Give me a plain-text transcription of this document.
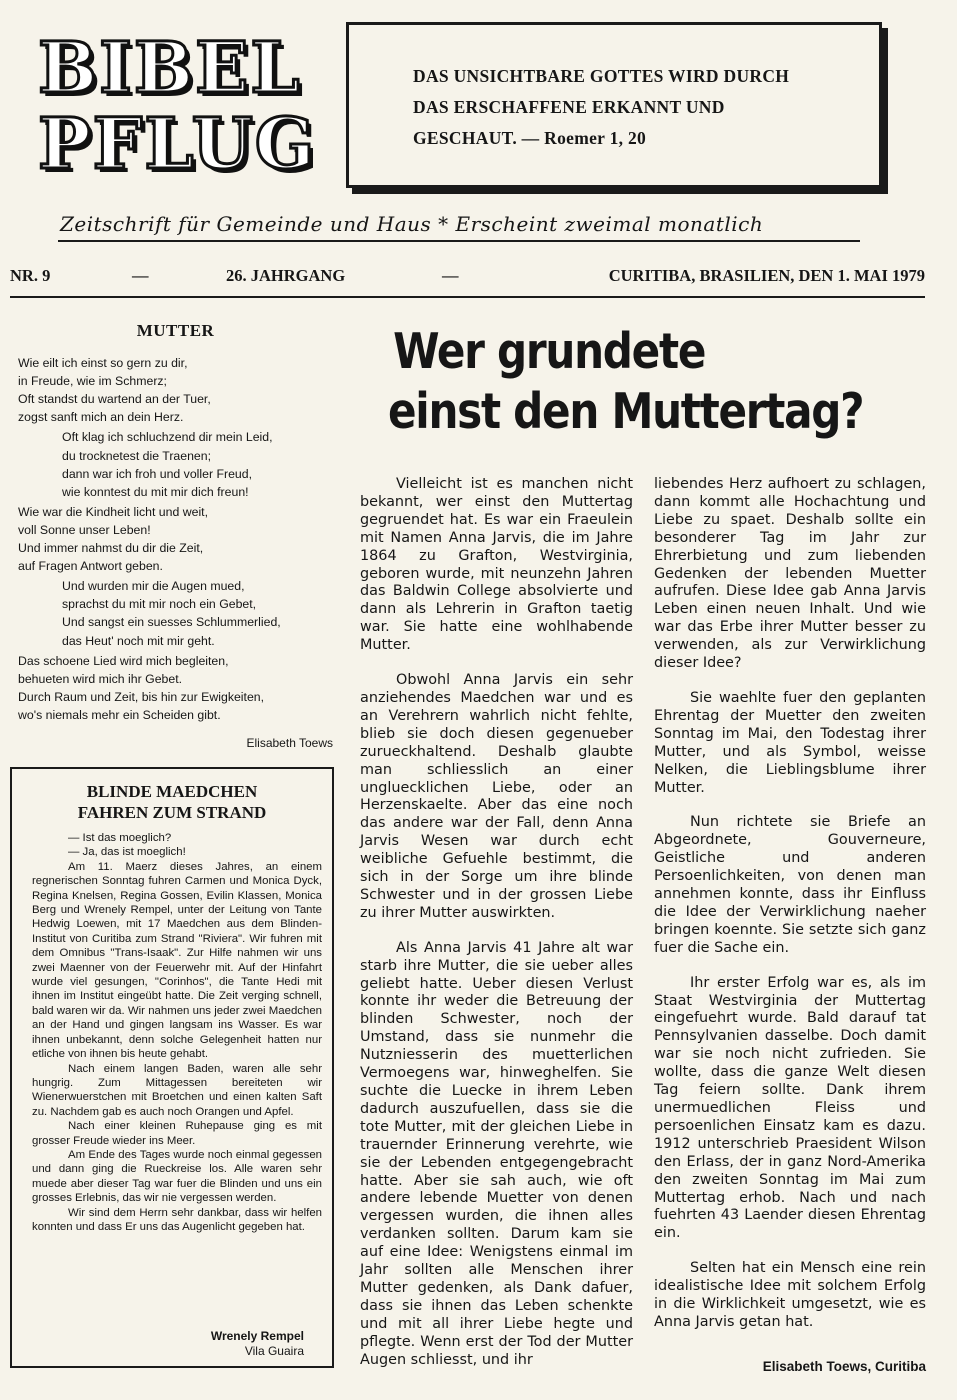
BIBEL
PFLUG
DAS UNSICHTBARE GOTTES WIRD DURCH
DAS ERSCHAFFENE ERKANNT UND
GESCHAUT. — Roemer 1, 20
Zeitschrift für Gemeinde und Haus * Erscheint zweimal monatlich
NR. 9	—	26. JAHRGANG	—	CURITIBA, BRASILIEN, DEN 1. MAI 1979
MUTTER
Wie eilt ich einst so gern zu dir,
in Freude, wie im Schmerz;
Oft standst du wartend an der Tuer,
zogst sanft mich an dein Herz.
Oft klag ich schluchzend dir mein Leid,
du trocknetest die Traenen;
dann war ich froh und voller Freud,
wie konntest du mit mir dich freun!
Wie war die Kindheit licht und weit,
voll Sonne unser Leben!
Und immer nahmst du dir die Zeit,
auf Fragen Antwort geben.
Und wurden mir die Augen mued,
sprachst du mit mir noch ein Gebet,
Und sangst ein suesses Schlummerlied,
das Heut' noch mit mir geht.
Das schoene Lied wird mich begleiten,
behueten wird mich ihr Gebet.
Durch Raum und Zeit, bis hin zur Ewigkeiten,
wo's niemals mehr ein Scheiden gibt.
Elisabeth Toews
BLINDE MAEDCHEN
FAHREN ZUM STRAND

— Ist das moeglich?

— Ja, das ist moeglich!

Am 11. Maerz dieses Jahres, an einem regnerischen Sonntag fuhren Carmen und Monica Dyck, Regina Knelsen, Regina Gossen, Evilin Klassen, Monica Berg und Wrenely Rempel, unter der Leitung von Tante Hedwig Loewen, mit 17 Maedchen aus dem Blinden-Institut von Curitiba zum Strand "Riviera". Wir fuhren mit dem Omnibus "Trans-Isaak". Zur Hilfe nahmen wir uns zwei Maenner von der Feuerwehr mit. Auf der Hinfahrt wurde viel gesungen, "Corinhos", die Tante Hedi mit ihnen im Institut eingeübt hatte. Die Zeit verging schnell, bald waren wir da. Wir nahmen uns jeder zwei Maedchen an der Hand und gingen langsam ins Wasser. Es war ihnen unbekannt, denn solche Gelegenheit hatten nur etliche von ihnen bis heute gehabt.

Nach einem langen Baden, waren alle sehr hungrig. Zum Mittagessen bereiteten wir Wienerwuerstchen mit Broetchen und einen kalten Saft zu. Nachdem gab es auch noch Orangen und Apfel.

Nach einer kleinen Ruhepause ging es mit grosser Freude wieder ins Meer.

Am Ende des Tages wurde noch einmal gegessen und dann ging die Rueckreise los. Alle waren sehr muede aber dieser Tag war fuer die Blinden und uns ein grosses Erlebnis, das wir nie vergessen werden.

Wir sind dem Herrn sehr dankbar, dass wir helfen konnten und dass Er uns das Augenlicht gegeben hat.

Wrenely Rempel
Vila Guaira
Wer grundete
einst den Muttertag?

Vielleicht ist es manchen nicht bekannt, wer einst den Muttertag gegruendet hat. Es war ein Fraeulein mit Namen Anna Jarvis, die im Jahre 1864 zu Grafton, Westvirginia, geboren wurde, mit neunzehn Jahren das Baldwin College absolvierte und dann als Lehrerin in Grafton taetig war. Sie hatte eine wohlhabende Mutter.

Obwohl Anna Jarvis ein sehr anziehendes Maedchen war und es an Verehrern wahrlich nicht fehlte, blieb sie doch diesen gegenueber zurueckhaltend. Deshalb glaubte man schliesslich an einer ungluecklichen Liebe, oder an Herzenskaelte. Aber das eine noch das andere war der Fall, denn Anna Jarvis Wesen war durch echt weibliche Gefuehle bestimmt, die sich in der Sorge um ihre blinde Schwester und in der grossen Liebe zu ihrer Mutter auswirkten.

Als Anna Jarvis 41 Jahre alt war starb ihre Mutter, die sie ueber alles geliebt hatte. Ueber diesen Verlust konnte ihr weder die Betreuung der blinden Schwester, noch der Umstand, dass sie nunmehr die Nutzniesserin des muetterlichen Vermoegens war, hinweghelfen. Sie suchte die Luecke in ihrem Leben dadurch auszufuellen, dass sie die tote Mutter, mit der gleichen Liebe in trauernder Erinnerung verehrte, wie sie der Lebenden entgegengebracht hatte. Aber sie sah auch, wie oft andere lebende Muetter von denen vergessen wurden, die ihnen alles verdanken sollten. Darum kam sie auf eine Idee: Wenigstens einmal im Jahr sollten alle Menschen ihrer Mutter gedenken, als Dank dafuer, dass sie ihnen das Leben schenkte und mit all ihrer Liebe hegte und pflegte. Wenn erst der Tod der Mutter Augen schliesst, und ihr

liebendes Herz aufhoert zu schlagen, dann kommt alle Hochachtung und Liebe zu spaet. Deshalb sollte ein besonderer Tag im Jahr zur Ehrerbietung und zum liebenden Gedenken der lebenden Muetter aufrufen. Diese Idee gab Anna Jarvis Leben einen neuen Inhalt. Und wie war das Erbe ihrer Mutter besser zu verwenden, als zur Verwirklichung dieser Idee?

Sie waehlte fuer den geplanten Ehrentag der Muetter den zweiten Sonntag im Mai, den Todestag ihrer Mutter, und als Symbol, weisse Nelken, die Lieblingsblume ihrer Mutter.

Nun richtete sie Briefe an Abgeordnete, Gouverneure, Geistliche und anderen Persoenlichkeiten, von denen man annehmen konnte, dass ihr Einfluss die Idee der Verwirklichung naeher bringen koennte. Sie setzte sich ganz fuer die Sache ein.

Ihr erster Erfolg war es, als im Staat Westvirginia der Muttertag eingefuehrt wurde. Bald darauf tat Pennsylvanien dasselbe. Doch damit war sie noch nicht zufrieden. Sie wollte, dass die ganze Welt diesen Tag feiern sollte. Dank ihrem unermuedlichen Fleiss und persoenlichen Einsatz kam es dazu. 1912 unterschrieb Praesident Wilson den Erlass, der in ganz Nord-Amerika den zweiten Sonntag im Mai zum Muttertag erhob. Nach und nach fuehrten 43 Laender diesen Ehrentag ein.

Selten hat ein Mensch eine rein idealistische Idee mit solchem Erfolg in die Wirklichkeit umgesetzt, wie es Anna Jarvis getan hat.

Elisabeth Toews, Curitiba
